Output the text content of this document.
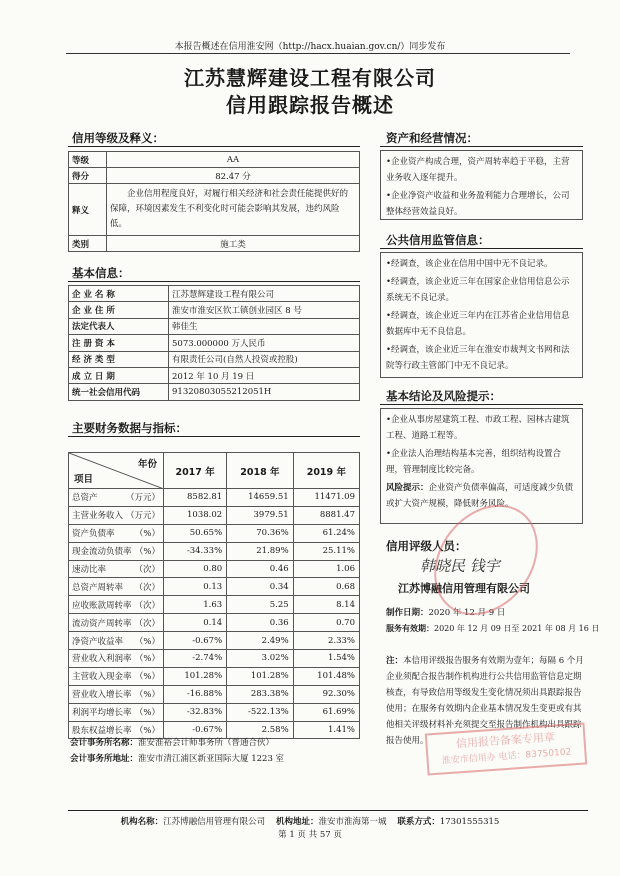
本报告概述在信用淮安网（http://hacx.huaian.gov.cn/）同步发布
江苏慧辉建设工程有限公司
信用跟踪报告概述
信用等级及释义：
等级	AA
得分	82.47 分
释义	企业信用程度良好，对履行相关经济和社会责任能提供好的保障，环境因素发生不利变化时可能会影响其发展，违约风险低。
类别	施工类
基本信息：
企 业 名 称	江苏慧辉建设工程有限公司
企 业 住 所	淮安市淮安区钦工镇创业园区 8 号
法定代表人	韩佳生
注 册 资 本	5073.000000 万人民币
经 济 类 型	有限责任公司(自然人投资或控股)
成 立 日 期	2012 年 10 月 19 日
统一社会信用代码	91320803055212051H
主要财务数据与指标：
年份
项目	2017 年	2018 年	2019 年

总资产 （万元）	8582.81	14659.51	11471.09

主营业务收入 （万元）	1038.02	3979.51	8881.47

资产负债率 （%）	50.65%	70.36%	61.24%

现金流动负债率 （%）	-34.33%	21.89%	25.11%

速动比率 （次）	0.80	0.46	1.06

总资产周转率 （次）	0.13	0.34	0.68

应收账款周转率 （次）	1.63	5.25	8.14

流动资产周转率 （次）	0.14	0.36	0.70

净资产收益率 （%）	-0.67%	2.49%	2.33%

营业收入利润率 （%）	-2.74%	3.02%	1.54%

主营收入现金率 （%）	101.28%	101.28%	101.48%

营业收入增长率 （%）	-16.88%	283.38%	92.30%

利润平均增长率 （%）	-32.83%	-522.13%	61.69%

股东权益增长率 （%）	-0.67%	2.58%	1.41%
会计事务所名称：淮安淮裕会计师事务所（普通合伙）
会计事务所地址：淮安市清江浦区新亚国际大厦 1223 室
资产和经营情况：
• 企业资产构成合理，资产周转率趋于平稳，主营业务收入逐年提升。
• 企业净资产收益和业务盈利能力合理增长，公司整体经营效益良好。
公共信用监管信息：
• 经调查，该企业在信用中国中无不良记录。
• 经调查，该企业近三年在国家企业信用信息公示系统无不良记录。
• 经调查，该企业近三年内在江苏省企业信用信息数据库中无不良信息。
• 经调查，该企业近三年在淮安市裁判文书网和法院等行政主管部门中无不良记录。
基本结论及风险提示：
• 企业从事房屋建筑工程、市政工程、园林古建筑工程、道路工程等。
• 企业法人治理结构基本完善，组织结构设置合理，管理制度比较完备。
风险提示：企业资产负债率偏高，可适度减少负债或扩大资产规模，降低财务风险。
信用评级人员：
韩晓民 钱宇
江苏博融信用管理有限公司
制作日期：2020 年 12 月 9 日
服务有效期：2020 年 12 月 09 日至 2021 年 08 月 16 日
注：本信用评级报告服务有效期为壹年；每隔 6 个月企业须配合报告制作机构进行公共信用监管信息定期核查，有导致信用等级发生变化情况须出具跟踪报告使用；在服务有效期内企业基本情况发生变更或有其他相关评级材料补充须提交至报告制作机构出具跟踪报告使用。	信用报告备案专用章
淮安市信用办 电话：83750102
机构名称：江苏博融信用管理有限公司 机构地址：淮安市淮海第一城 联系方式：17301555315
第 1 页 共 57 页
